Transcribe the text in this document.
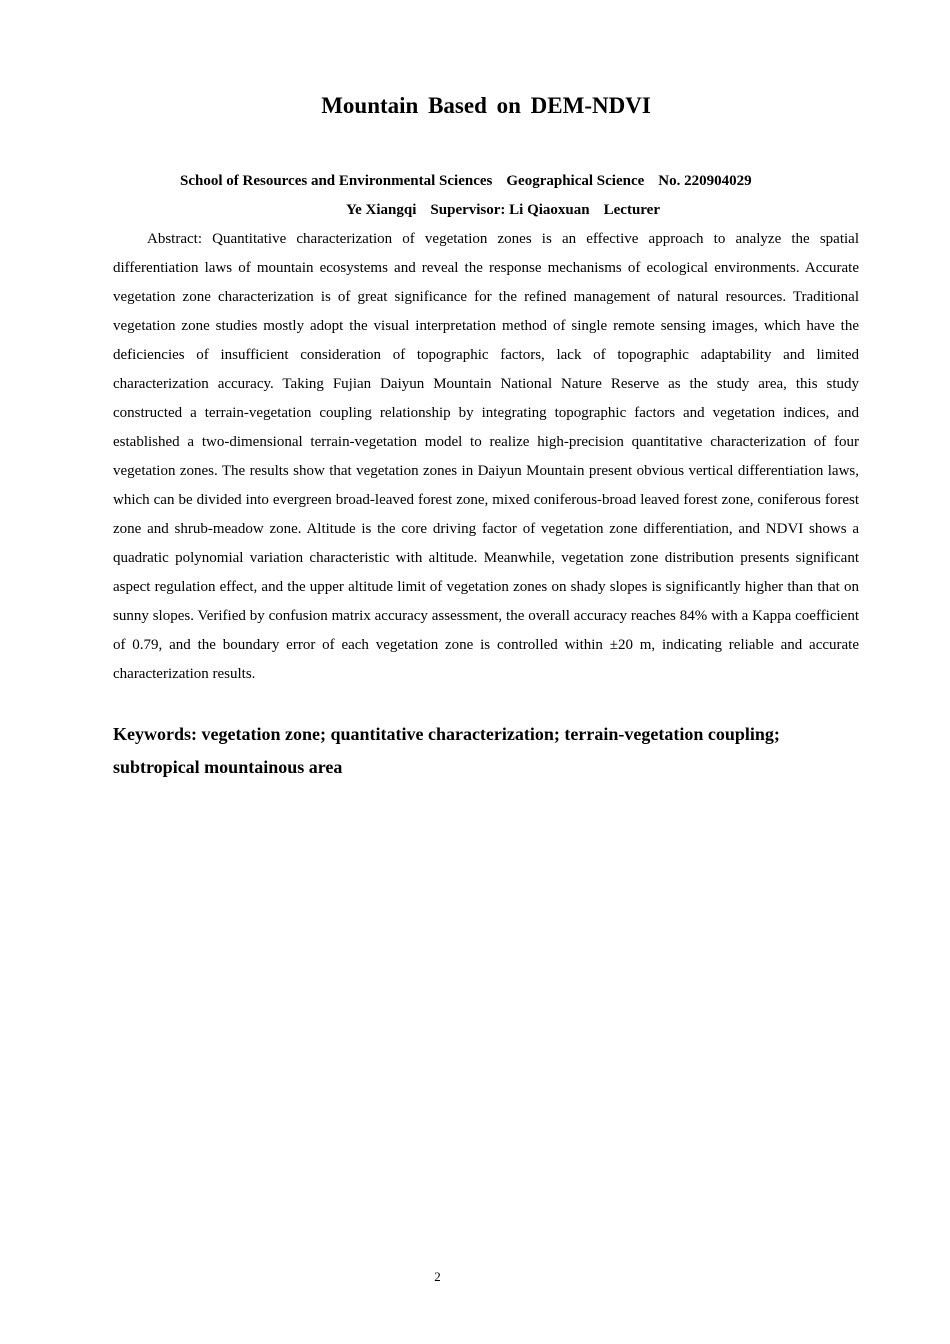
Mountain Based on DEM-NDVI
School of Resources and Environmental Sciences Geographical Science No. 220904029
Ye Xiangqi Supervisor: Li Qiaoxuan Lecturer

Abstract: Quantitative characterization of vegetation zones is an effective approach to analyze the spatial differentiation laws of mountain ecosystems and reveal the response mechanisms of ecological environments. Accurate vegetation zone characterization is of great significance for the refined management of natural resources. Traditional vegetation zone studies mostly adopt the visual interpretation method of single remote sensing images, which have the deficiencies of insufficient consideration of topographic factors, lack of topographic adaptability and limited characterization accuracy. Taking Fujian Daiyun Mountain National Nature Reserve as the study area, this study constructed a terrain-vegetation coupling relationship by integrating topographic factors and vegetation indices, and established a two-dimensional terrain-vegetation model to realize high-precision quantitative characterization of four vegetation zones. The results show that vegetation zones in Daiyun Mountain present obvious vertical differentiation laws, which can be divided into evergreen broad-leaved forest zone, mixed coniferous-broad leaved forest zone, coniferous forest zone and shrub-meadow zone. Altitude is the core driving factor of vegetation zone differentiation, and NDVI shows a quadratic polynomial variation characteristic with altitude. Meanwhile, vegetation zone distribution presents significant aspect regulation effect, and the upper altitude limit of vegetation zones on shady slopes is significantly higher than that on sunny slopes. Verified by confusion matrix accuracy assessment, the overall accuracy reaches 84% with a Kappa coefficient of 0.79, and the boundary error of each vegetation zone is controlled within ±20 m, indicating reliable and accurate characterization results.

Keywords: vegetation zone; quantitative characterization; terrain-vegetation coupling; subtropical mountainous area

2
